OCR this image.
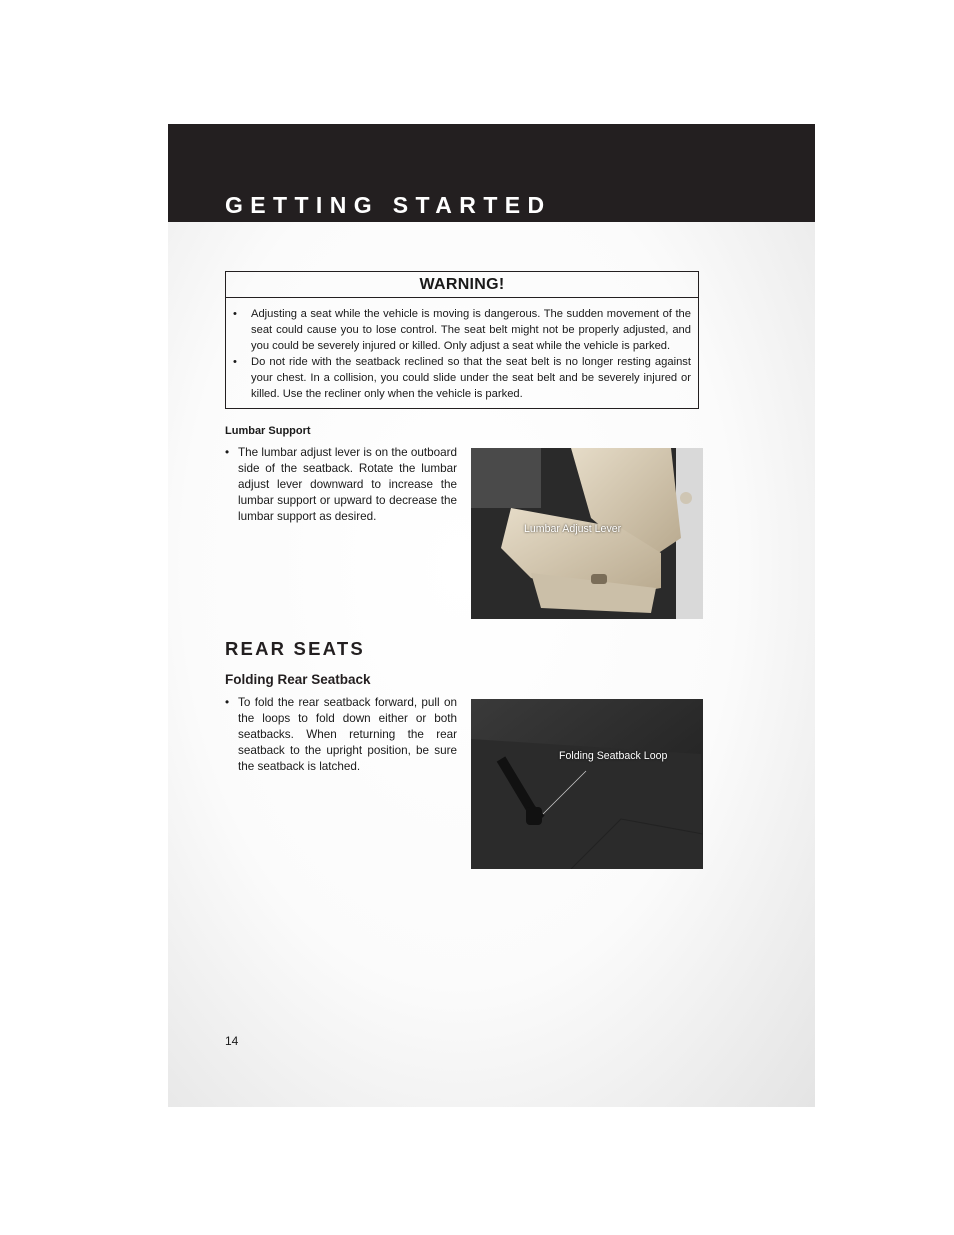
GETTING STARTED
WARNING!
• Adjusting a seat while the vehicle is moving is dangerous. The sudden movement of the seat could cause you to lose control. The seat belt might not be properly adjusted, and you could be severely injured or killed. Only adjust a seat while the vehicle is parked.
• Do not ride with the seatback reclined so that the seat belt is no longer resting against your chest. In a collision, you could slide under the seat belt and be severely injured or killed. Use the recliner only when the vehicle is parked.
Lumbar Support
• The lumbar adjust lever is on the outboard side of the seatback. Rotate the lumbar adjust lever downward to increase the lumbar support or upward to decrease the lumbar support as desired.
Lumbar Adjust Lever
REAR SEATS
Folding Rear Seatback
• To fold the rear seatback forward, pull on the loops to fold down either or both seatbacks. When returning the rear seatback to the upright position, be sure the seatback is latched.
Folding Seatback Loop
14
